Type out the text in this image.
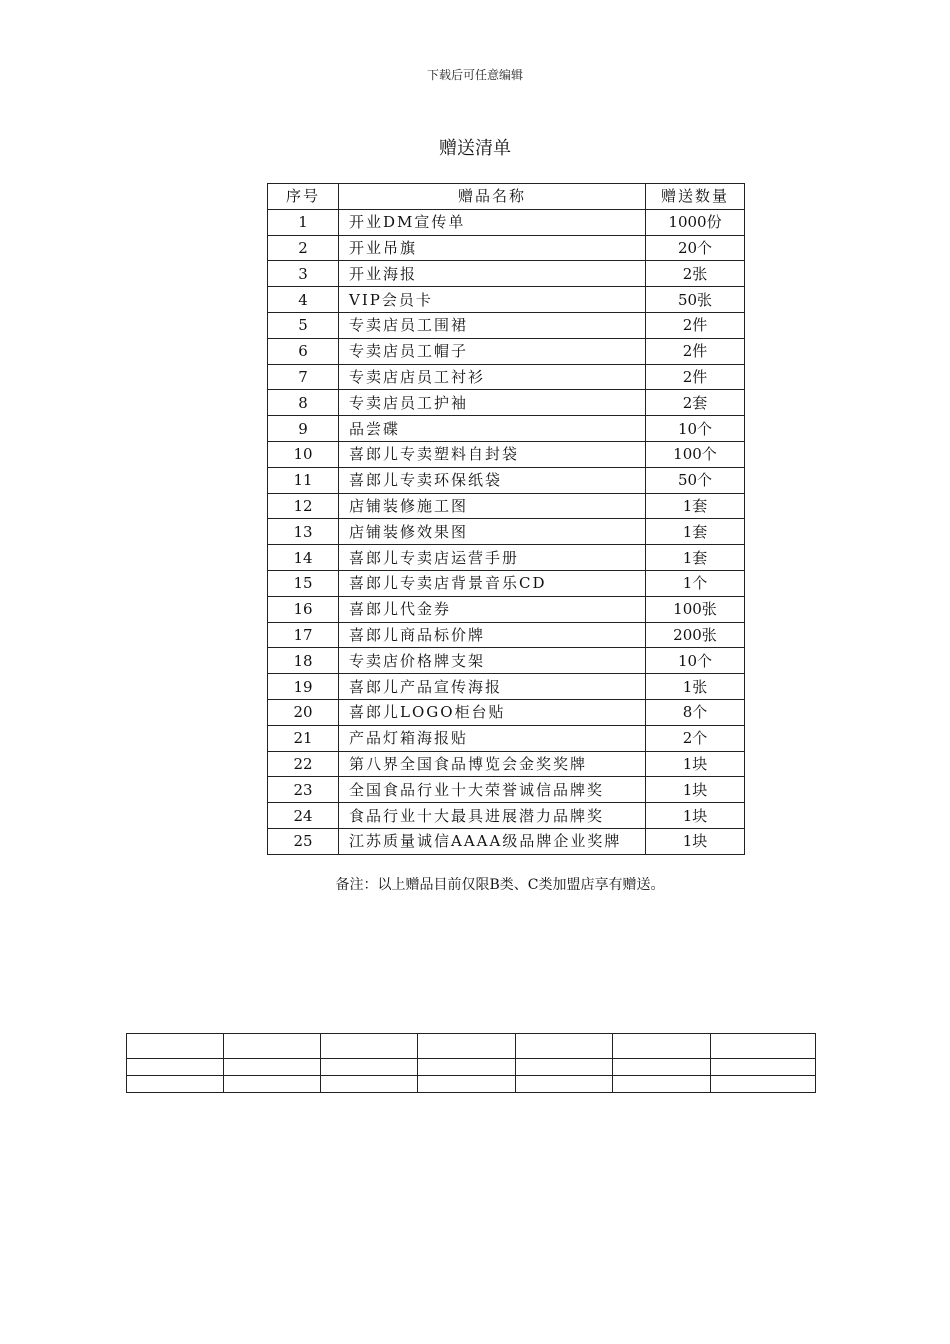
下载后可任意编辑
赠送清单
序号	赠品名称	赠送数量
1	开业DM宣传单	1000份
2	开业吊旗	20个
3	开业海报	2张
4	VIP会员卡	50张
5	专卖店员工围裙	2件
6	专卖店员工帽子	2件
7	专卖店店员工衬衫	2件
8	专卖店员工护袖	2套
9	品尝碟	10个
10	喜郎儿专卖塑料自封袋	100个
11	喜郎儿专卖环保纸袋	50个
12	店铺装修施工图	1套
13	店铺装修效果图	1套
14	喜郎儿专卖店运营手册	1套
15	喜郎儿专卖店背景音乐CD	1个
16	喜郎儿代金券	100张
17	喜郎儿商品标价牌	200张
18	专卖店价格牌支架	10个
19	喜郎儿产品宣传海报	1张
20	喜郎儿LOGO柜台贴	8个
21	产品灯箱海报贴	2个
22	第八界全国食品博览会金奖奖牌	1块
23	全国食品行业十大荣誉诚信品牌奖	1块
24	食品行业十大最具进展潜力品牌奖	1块
25	江苏质量诚信AAAA级品牌企业奖牌	1块
备注：以上赠品目前仅限B类、C类加盟店享有赠送。
